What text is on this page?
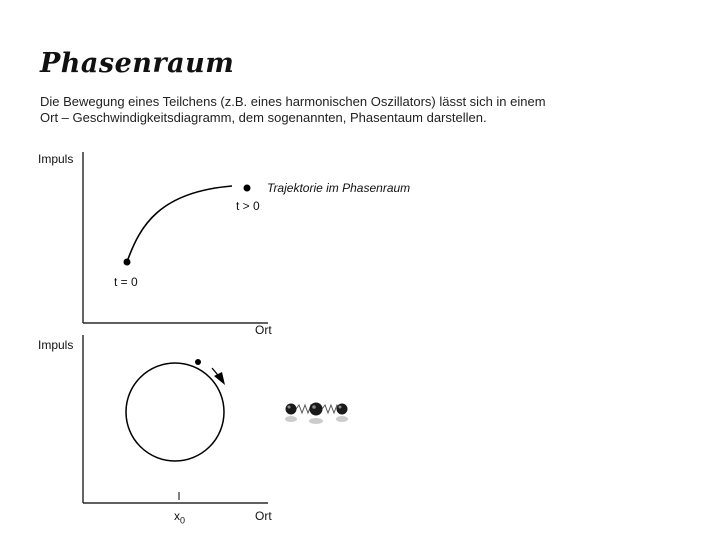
Phasenraum
Die Bewegung eines Teilchens (z.B. eines harmonischen Oszillators) lässt sich in einem
Ort – Geschwindigkeitsdiagramm, dem sogenannten, Phasentaum darstellen.
Impuls
Ort
Trajektorie im Phasenraum
t > 0
t = 0
Impuls
Ort
$x_0$
